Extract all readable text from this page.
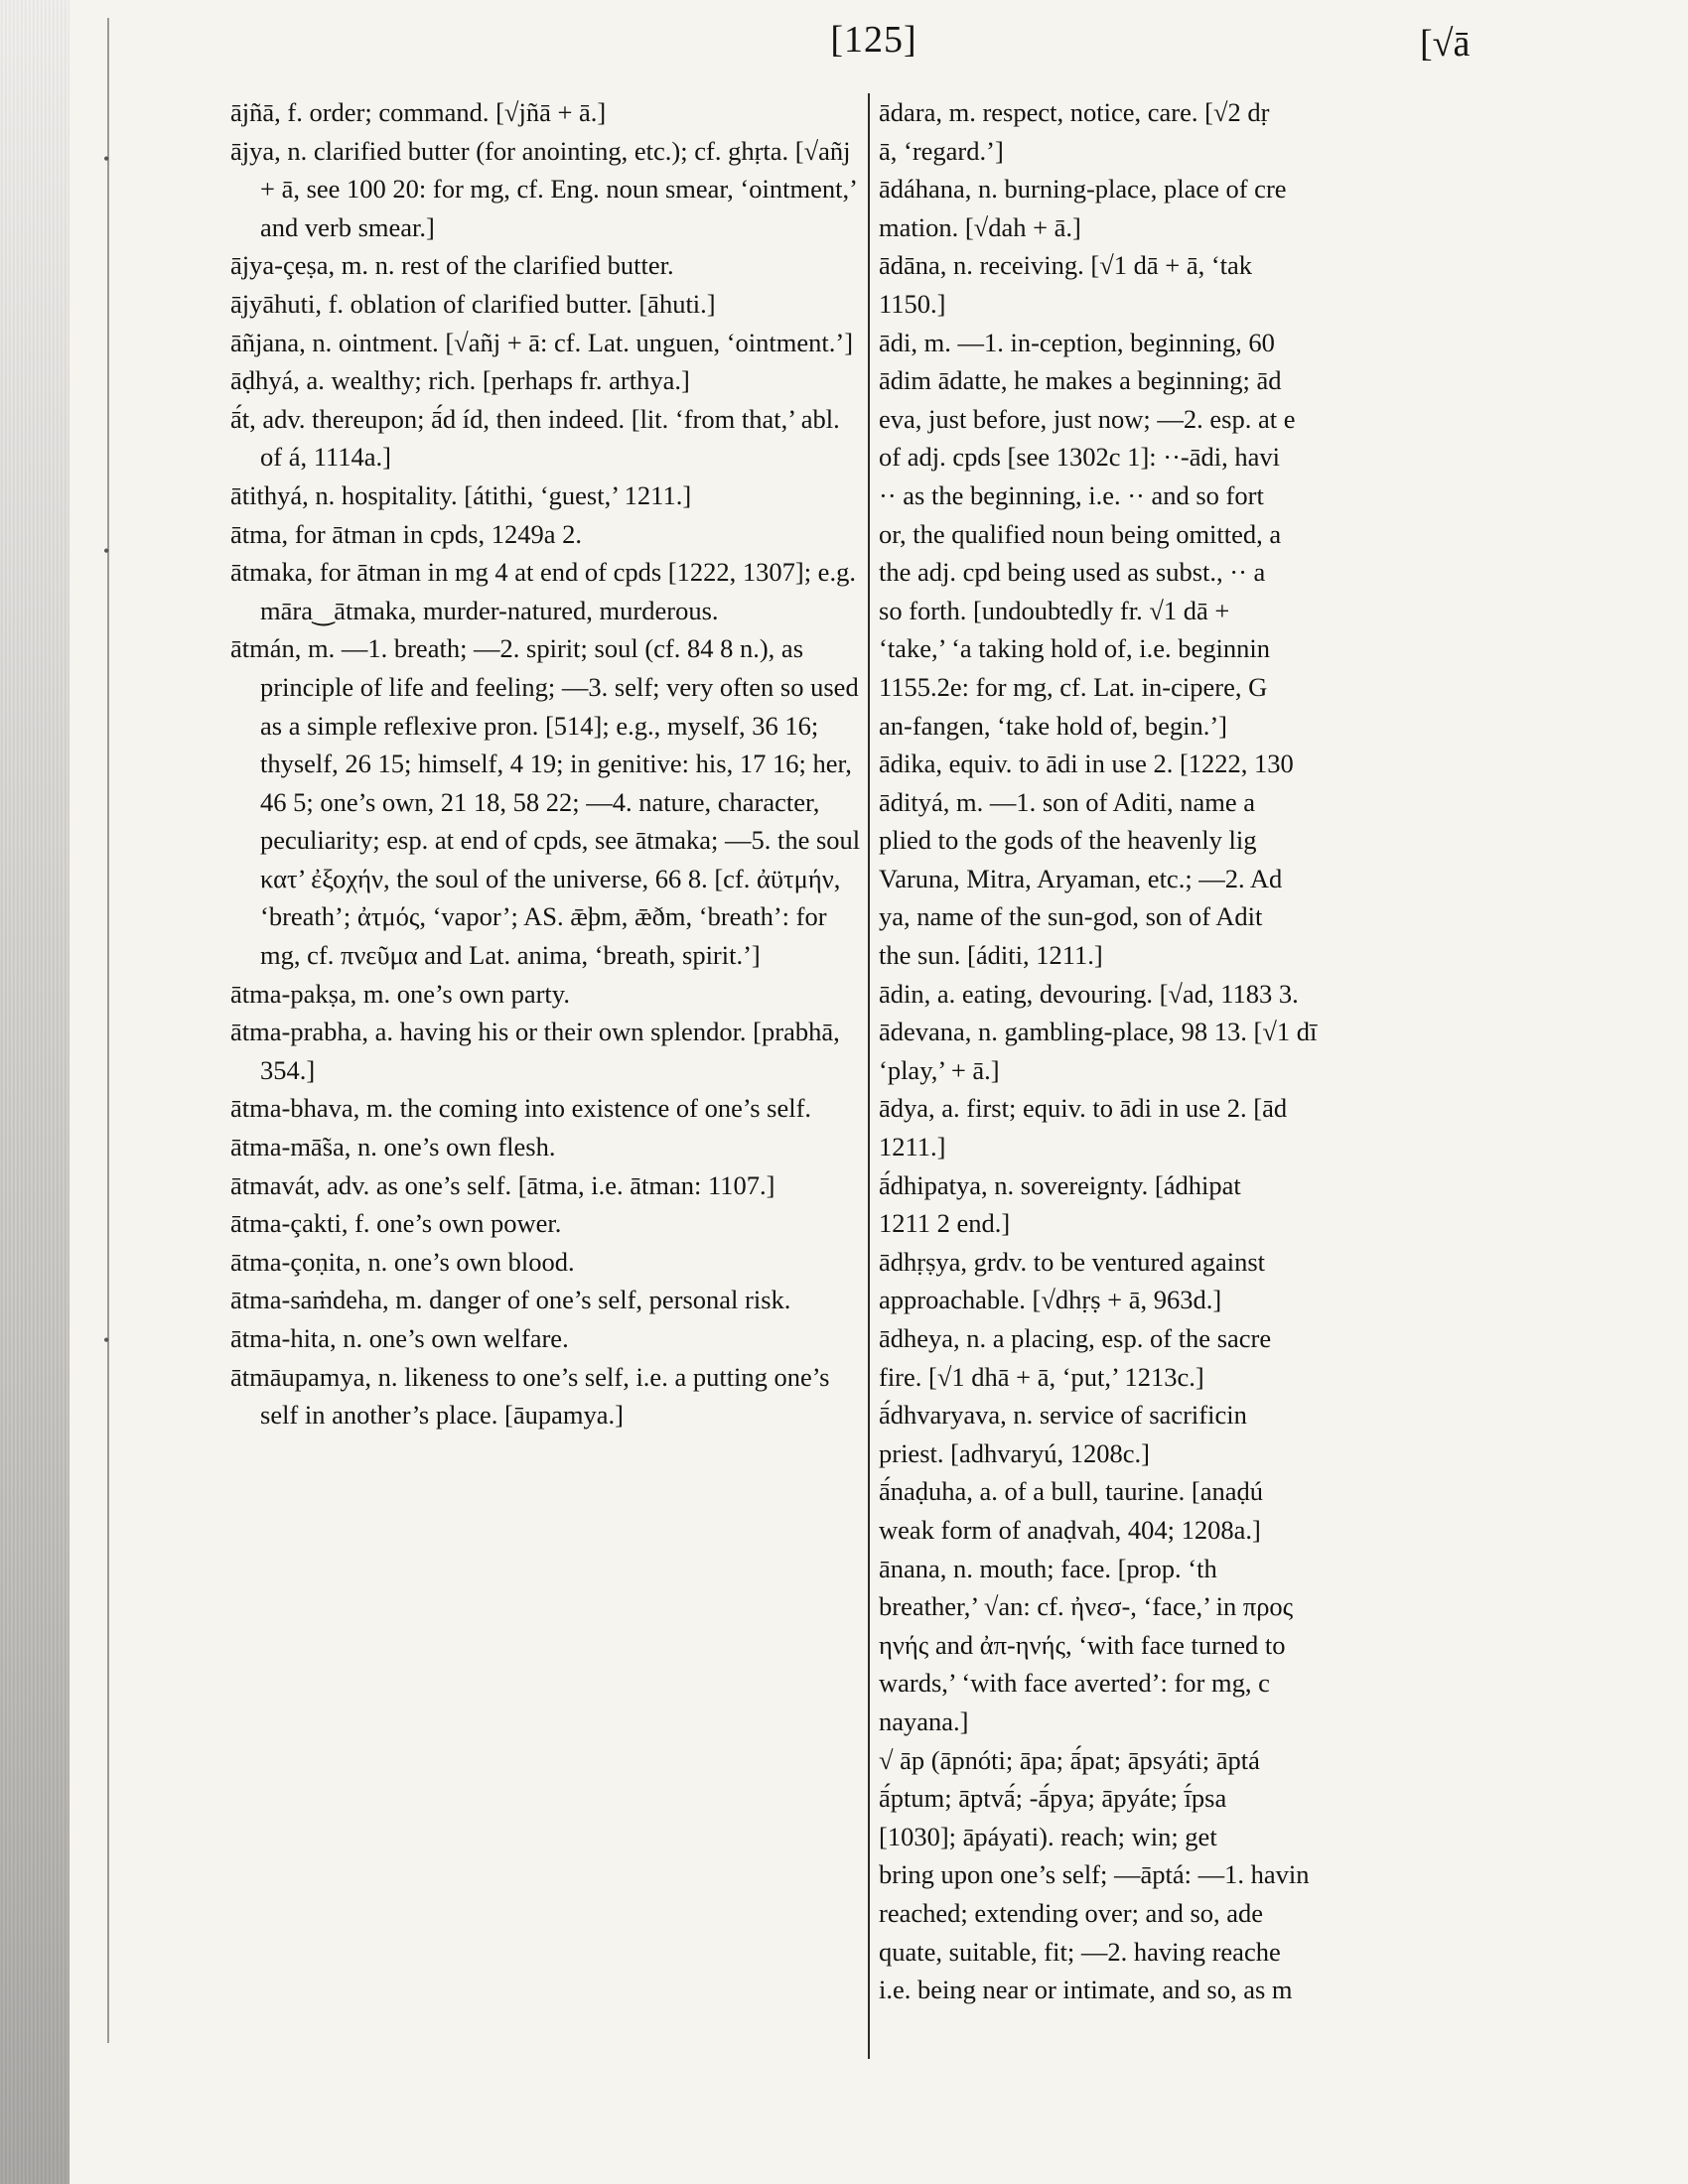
[125]	[√ā
ājñā, f. order; command. [√jñā + ā.]
ājya, n. clarified butter (for anointing, etc.); cf. ghṛta. [√añj + ā, see 100 20: for mg, cf. Eng. noun smear, ‘ointment,’ and verb smear.]
ājya-çeṣa, m. n. rest of the clarified butter.
ājyāhuti, f. oblation of clarified butter. [āhuti.]
āñjana, n. ointment. [√añj + ā: cf. Lat. unguen, ‘ointment.’]
āḍhyá, a. wealthy; rich. [perhaps fr. arthya.]
ā́t, adv. thereupon; ā́d íd, then indeed. [lit. ‘from that,’ abl. of á, 1114a.]
ātithyá, n. hospitality. [átithi, ‘guest,’ 1211.]
ātma, for ātman in cpds, 1249a 2.
ātmaka, for ātman in mg 4 at end of cpds [1222, 1307]; e.g. māra‿ātmaka, murder-natured, murderous.
ātmán, m. —1. breath; —2. spirit; soul (cf. 84 8 n.), as principle of life and feeling; —3. self; very often so used as a simple reflexive pron. [514]; e.g., myself, 36 16; thyself, 26 15; himself, 4 19; in genitive: his, 17 16; her, 46 5; one’s own, 21 18, 58 22; —4. nature, character, peculiarity; esp. at end of cpds, see ātmaka; —5. the soul κατ’ ἐξοχήν, the soul of the universe, 66 8. [cf. ἀϋτμήν, ‘breath’; ἀτμός, ‘vapor’; AS. ǣþm, ǣðm, ‘breath’: for mg, cf. πνεῦμα and Lat. anima, ‘breath, spirit.’]
ātma-pakṣa, m. one’s own party.
ātma-prabha, a. having his or their own splendor. [prabhā, 354.]
ātma-bhava, m. the coming into existence of one’s self.
ātma-mā̃sa, n. one’s own flesh.
ātmavát, adv. as one’s self. [ātma, i.e. ātman: 1107.]
ātma-çakti, f. one’s own power.
ātma-çoṇita, n. one’s own blood.
ātma-saṁdeha, m. danger of one’s self, personal risk.
ātma-hita, n. one’s own welfare.
ātmāupamya, n. likeness to one’s self, i.e. a putting one’s self in another’s place. [āupamya.]
ādara, m. respect, notice, care. [√2 dṛ
ā, ‘regard.’]
ādáhana, n. burning-place, place of cre
mation. [√dah + ā.]
ādāna, n. receiving. [√1 dā + ā, ‘tak
1150.]
ādi, m. —1. in-ception, beginning, 60
ādim ādatte, he makes a beginning; ād
eva, just before, just now; —2. esp. at e
of adj. cpds [see 1302c 1]: ··-ādi, havi
·· as the beginning, i.e. ·· and so fort
or, the qualified noun being omitted, a
the adj. cpd being used as subst., ·· a
so forth. [undoubtedly fr. √1 dā +
‘take,’ ‘a taking hold of, i.e. beginnin
1155.2e: for mg, cf. Lat. in-cipere, G
an-fangen, ‘take hold of, begin.’]
ādika, equiv. to ādi in use 2. [1222, 130
ādityá, m. —1. son of Aditi, name a
plied to the gods of the heavenly lig
Varuna, Mitra, Aryaman, etc.; —2. Ad
ya, name of the sun-god, son of Adit
the sun. [áditi, 1211.]
ādin, a. eating, devouring. [√ad, 1183 3.
ādevana, n. gambling-place, 98 13. [√1 dī
‘play,’ + ā.]
ādya, a. first; equiv. to ādi in use 2. [ād
1211.]
ā́dhipatya, n. sovereignty. [ádhipat
1211 2 end.]
ādhṛṣya, grdv. to be ventured against
approachable. [√dhṛṣ + ā, 963d.]
ādheya, n. a placing, esp. of the sacre
fire. [√1 dhā + ā, ‘put,’ 1213c.]
ā́dhvaryava, n. service of sacrificin
priest. [adhvaryú, 1208c.]
ā́naḍuha, a. of a bull, taurine. [anaḍú
weak form of anaḍvah, 404; 1208a.]
ānana, n. mouth; face. [prop. ‘th
breather,’ √an: cf. ἠνεσ-, ‘face,’ in προς
ηνής and ἀπ-ηνής, ‘with face turned to
wards,’ ‘with face averted’: for mg, c
nayana.]
√ āp (āpnóti; āpa; ā́pat; āpsyáti; āptá
ā́ptum; āptvā́; -ā́pya; āpyáte; ī́psa
[1030]; āpáyati). reach; win; get
bring upon one’s self; —āptá: —1. havin
reached; extending over; and so, ade
quate, suitable, fit; —2. having reache
i.e. being near or intimate, and so, as m
•
•
•
